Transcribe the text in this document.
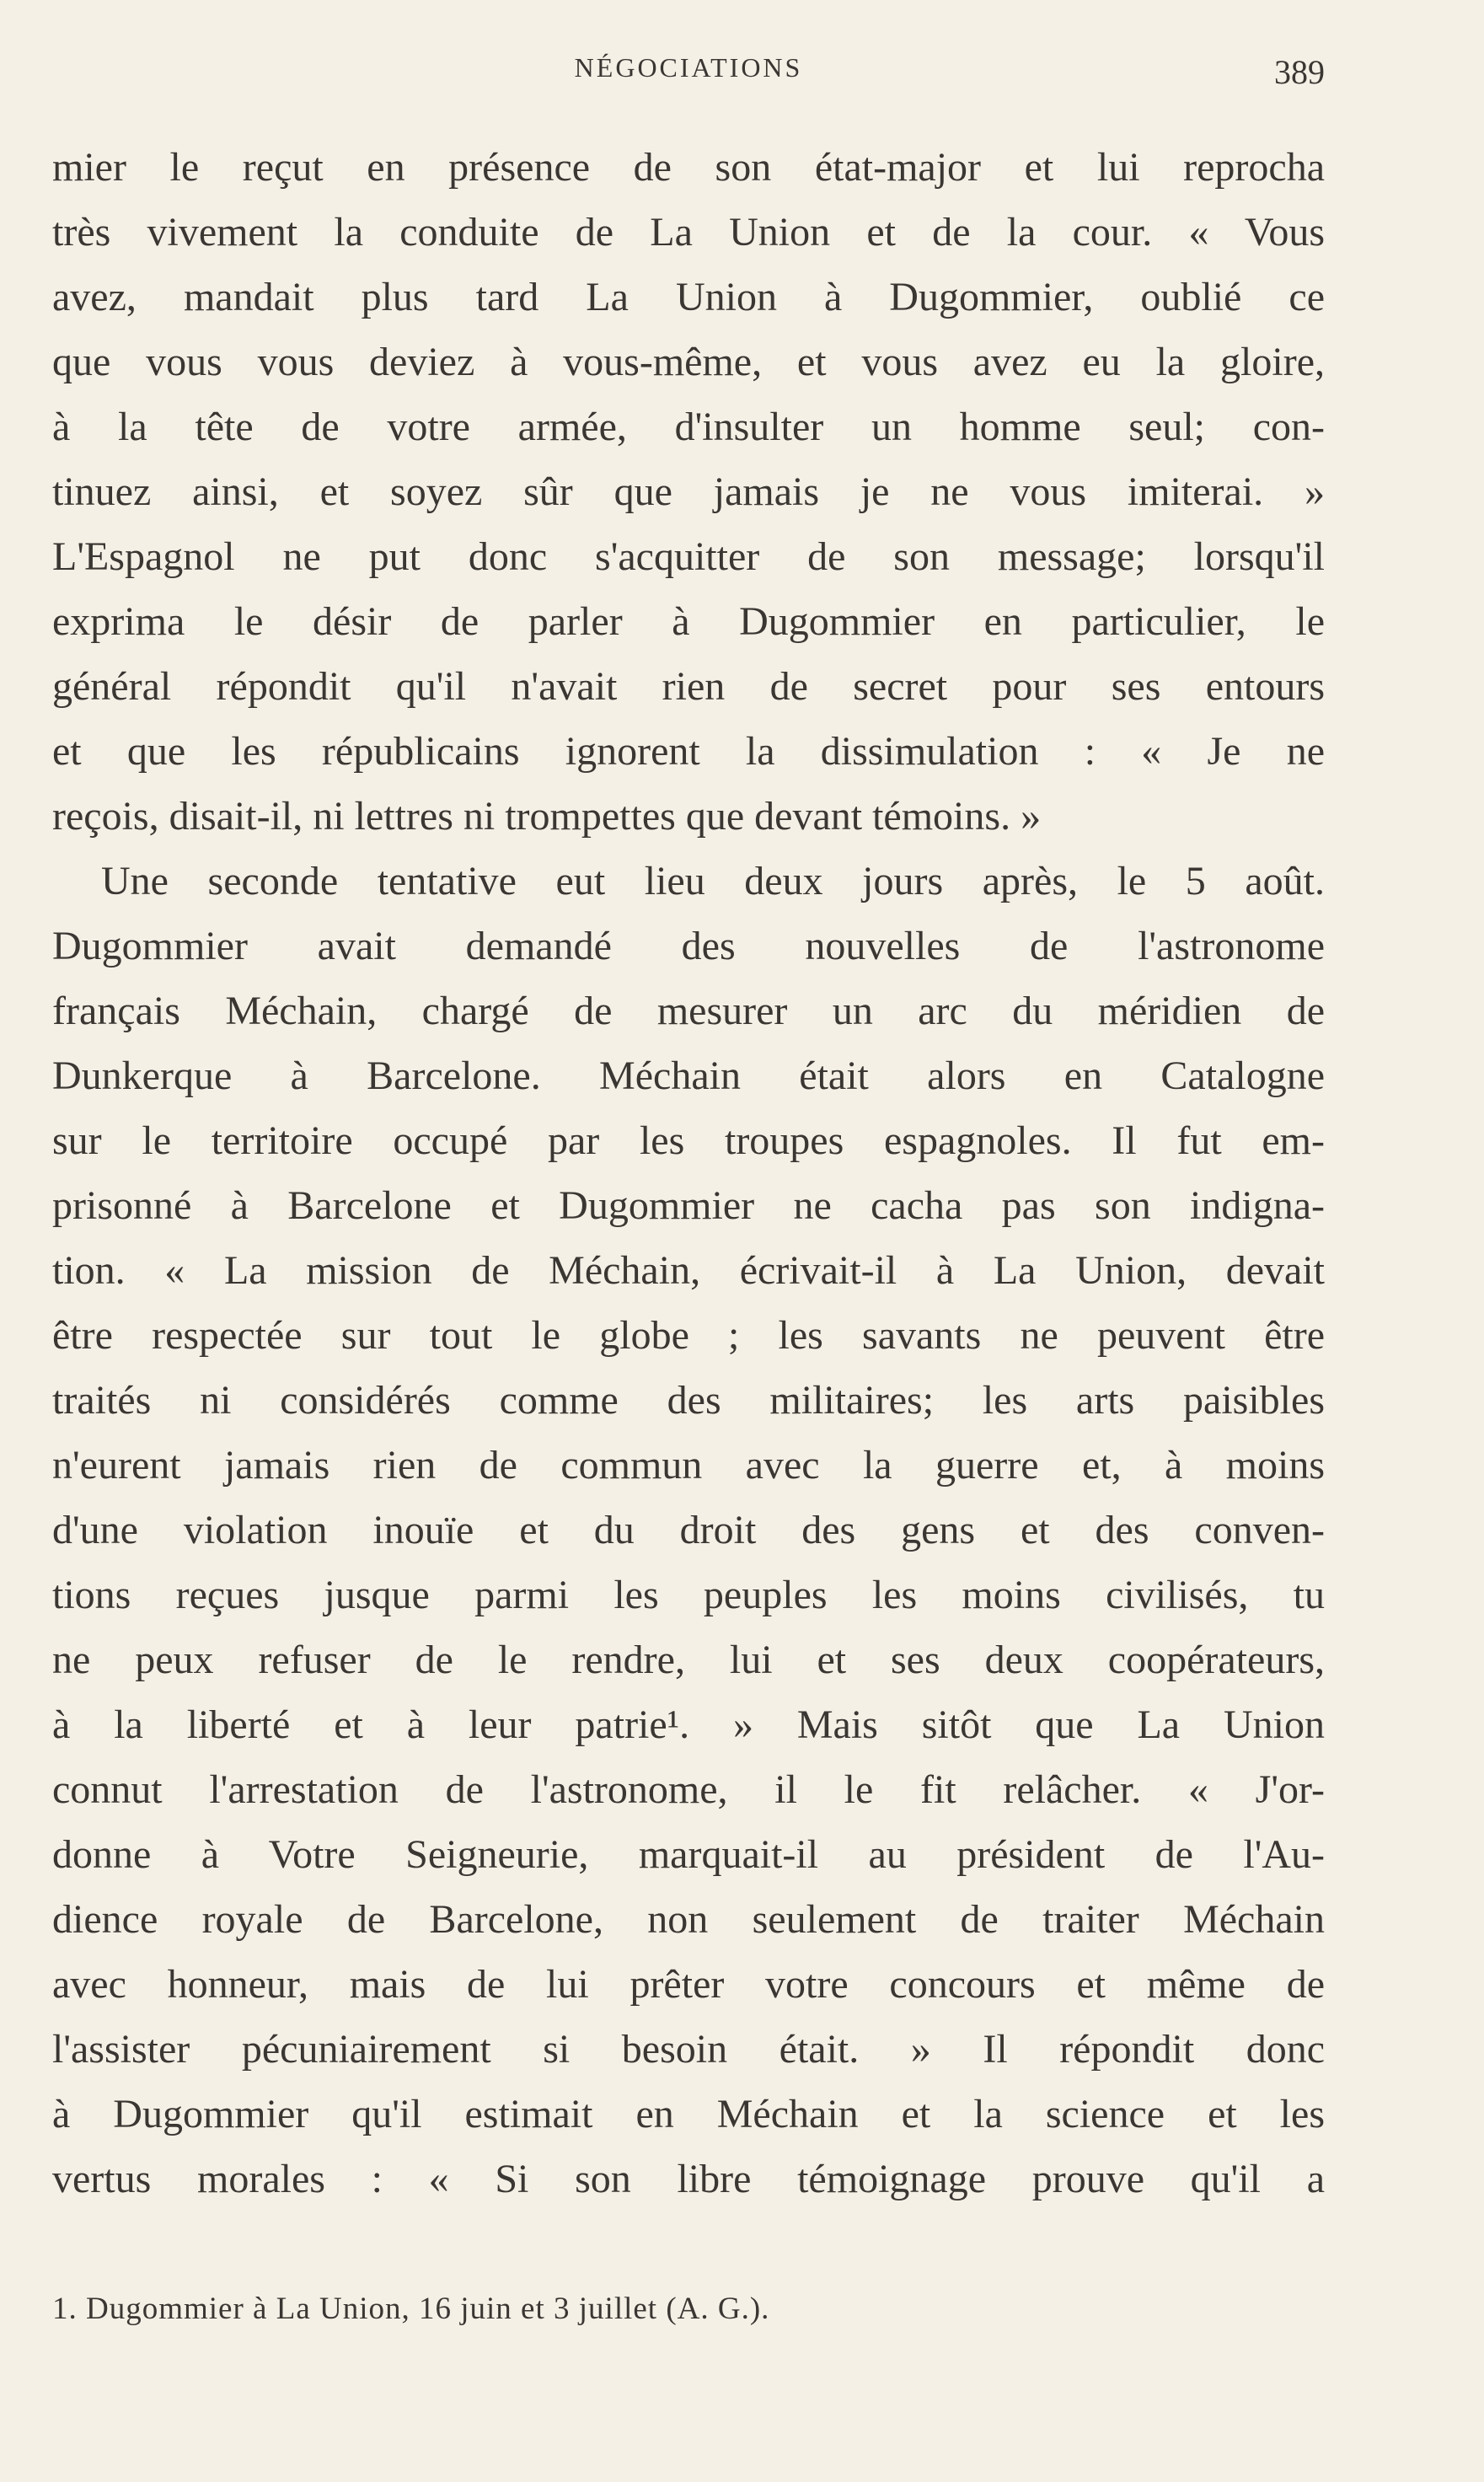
NÉGOCIATIONS	389
mier le reçut en présence de son état-major et lui reprocha
très vivement la conduite de La Union et de la cour. « Vous
avez, mandait plus tard La Union à Dugommier, oublié ce
que vous vous deviez à vous-même, et vous avez eu la gloire,
à la tête de votre armée, d'insulter un homme seul; con-
tinuez ainsi, et soyez sûr que jamais je ne vous imiterai. »
L'Espagnol ne put donc s'acquitter de son message; lorsqu'il
exprima le désir de parler à Dugommier en particulier, le
général répondit qu'il n'avait rien de secret pour ses entours
et que les républicains ignorent la dissimulation : « Je ne
reçois, disait-il, ni lettres ni trompettes que devant témoins. »
Une seconde tentative eut lieu deux jours après, le 5 août.
Dugommier avait demandé des nouvelles de l'astronome
français Méchain, chargé de mesurer un arc du méridien de
Dunkerque à Barcelone. Méchain était alors en Catalogne
sur le territoire occupé par les troupes espagnoles. Il fut em-
prisonné à Barcelone et Dugommier ne cacha pas son indigna-
tion. « La mission de Méchain, écrivait-il à La Union, devait
être respectée sur tout le globe ; les savants ne peuvent être
traités ni considérés comme des militaires; les arts paisibles
n'eurent jamais rien de commun avec la guerre et, à moins
d'une violation inouïe et du droit des gens et des conven-
tions reçues jusque parmi les peuples les moins civilisés, tu
ne peux refuser de le rendre, lui et ses deux coopérateurs,
à la liberté et à leur patrie¹. » Mais sitôt que La Union
connut l'arrestation de l'astronome, il le fit relâcher. « J'or-
donne à Votre Seigneurie, marquait-il au président de l'Au-
dience royale de Barcelone, non seulement de traiter Méchain
avec honneur, mais de lui prêter votre concours et même de
l'assister pécuniairement si besoin était. » Il répondit donc
à Dugommier qu'il estimait en Méchain et la science et les
vertus morales : « Si son libre témoignage prouve qu'il a
1. Dugommier à La Union, 16 juin et 3 juillet (A. G.).
